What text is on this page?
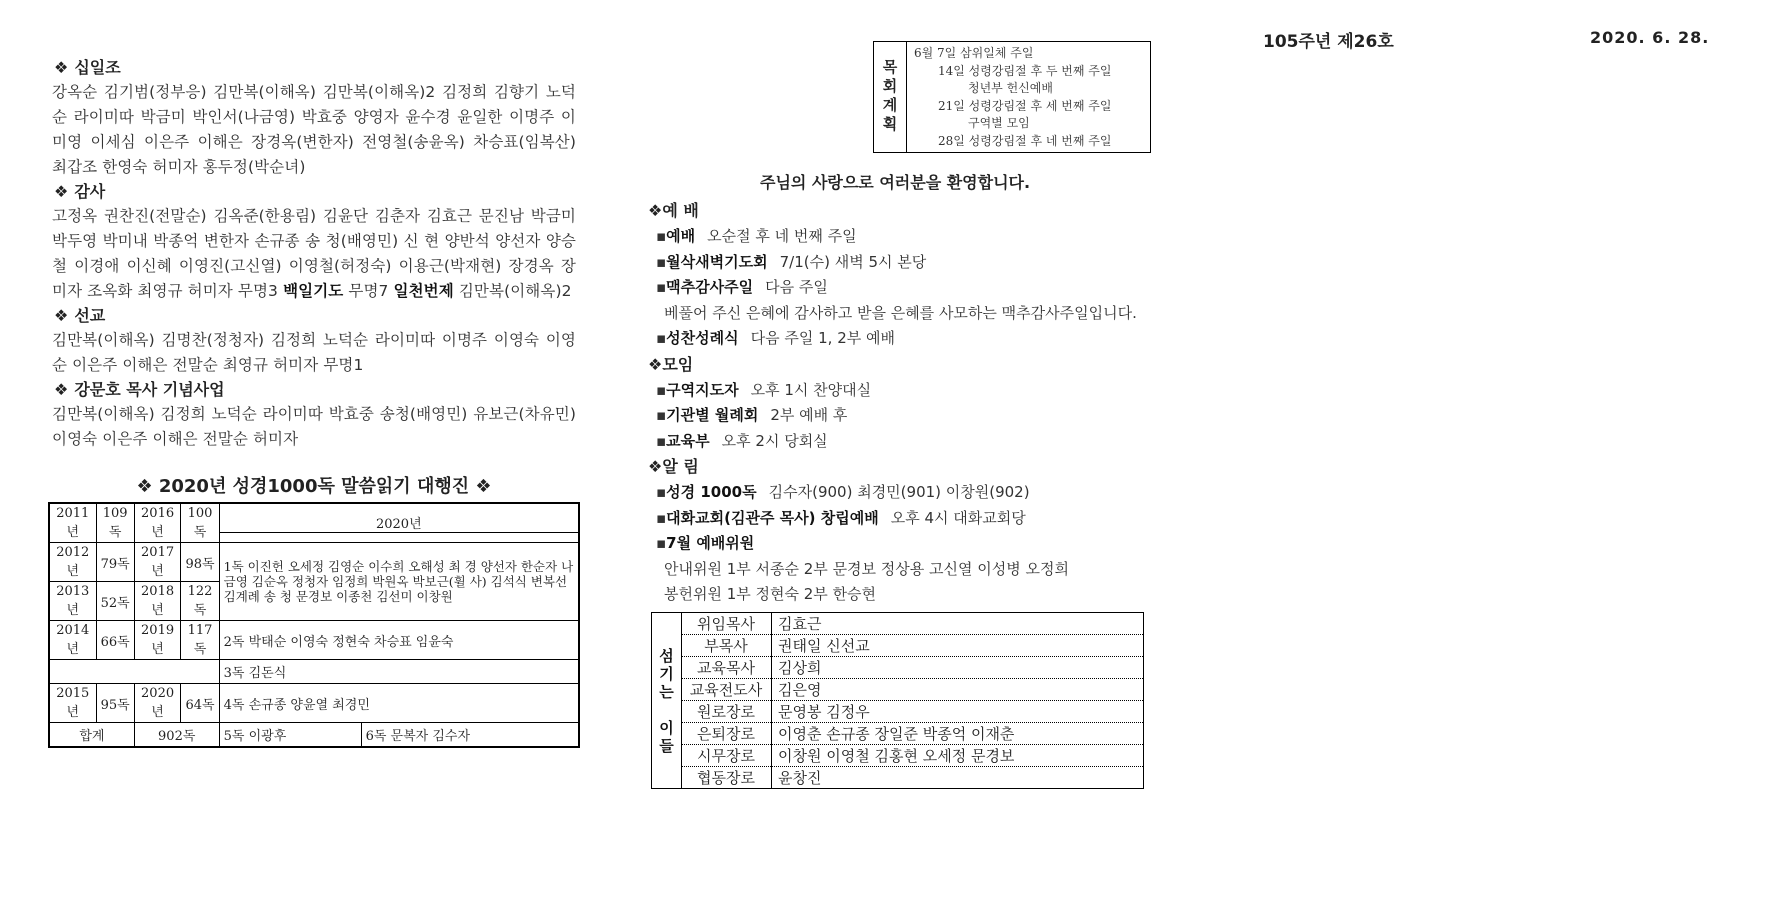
❖ 십일조
강옥순 김기범(정부응) 김만복(이해옥) 김만복(이해옥)2 김정희 김향기 노덕순 라이미따 박금미 박인서(나금영) 박효중 양영자 윤수경 윤일한 이명주 이미영 이세심 이은주 이해은 장경옥(변한자) 전영철(송윤옥) 차승표(임복산) 최갑조 한영숙 허미자 홍두정(박순녀)
❖ 감사
고정옥 권찬진(전말순) 김옥준(한용림) 김윤단 김춘자 김효근 문진남 박금미 박두영 박미내 박종억 변한자 손규종 송 청(배영민) 신 현 양반석 양선자 양승철 이경애 이신혜 이영진(고신열) 이영철(허정숙) 이용근(박재현) 장경옥 장미자 조옥화 최영규 허미자 무명3 백일기도 무명7 일천번제 김만복(이해옥)2
❖ 선교
김만복(이해옥) 김명찬(정청자) 김정희 노덕순 라이미따 이명주 이영숙 이영순 이은주 이해은 전말순 최영규 허미자 무명1
❖ 강문호 목사 기념사업
김만복(이해옥) 김정희 노덕순 라이미따 박효중 송청(배영민) 유보근(차유민) 이영숙 이은주 이해은 전말순 허미자
❖ 2020년 성경1000독 말씀읽기 대행진 ❖
2011년	109독	2016년	100독	2020년	

2012년	79독	2017년	98독	1독 이진헌 오세정 김영순 이수희 오해성 최 경 양선자 한순자 나금영 김순옥 정청자 임정희 박원옥 박보근(휠 사) 김석식 변복선 김계례 송 청 문경보 이종천 김선미 이창원	
2013년	52독	2018년	122독		
2014년	66독	2019년	117독	2독 박태순 이영숙 정현숙 차승표 임윤숙	
				3독 김돈식	
2015년	95독	2020년	64독	4독 손규종 양윤열 최경민	
합계		902독		5독 이광후	6독 문복자 김수자
105주년 제26호	2020. 6. 28.
목회계획
6월 7일 삼위일체 주일
14일 성령강림절 후 두 번째 주일
청년부 헌신예배
21일 성령강림절 후 세 번째 주일
구역별 모임
28일 성령강림절 후 네 번째 주일
주님의 사랑으로 여러분을 환영합니다.
❖예 배
▪예배 오순절 후 네 번째 주일
▪월삭새벽기도회 7/1(수) 새벽 5시 본당
▪맥추감사주일 다음 주일
베풀어 주신 은혜에 감사하고 받을 은혜를 사모하는 맥추감사주일입니다.
▪성찬성례식 다음 주일 1, 2부 예배
❖모임
▪구역지도자 오후 1시 찬양대실
▪기관별 월례회 2부 예배 후
▪교육부 오후 2시 당회실
❖알 림
▪성경 1000독 김수자(900) 최경민(901) 이창원(902)
▪대화교회(김관주 목사) 창립예배 오후 4시 대화교회당
▪7월 예배위원
안내위원 1부 서종순 2부 문경보 정상용 고신열 이성병 오정희
봉헌위원 1부 정현숙 2부 한승현
섬
기
는
이
들
위임목사	김효근
부목사	권태일 신선교
교육목사	김상희
교육전도사	김은영
원로장로	문영봉 김정우
은퇴장로	이영춘 손규종 장일준 박종억 이재춘
시무장로	이창원 이영철 김홍현 오세정 문경보
협동장로	윤창진
